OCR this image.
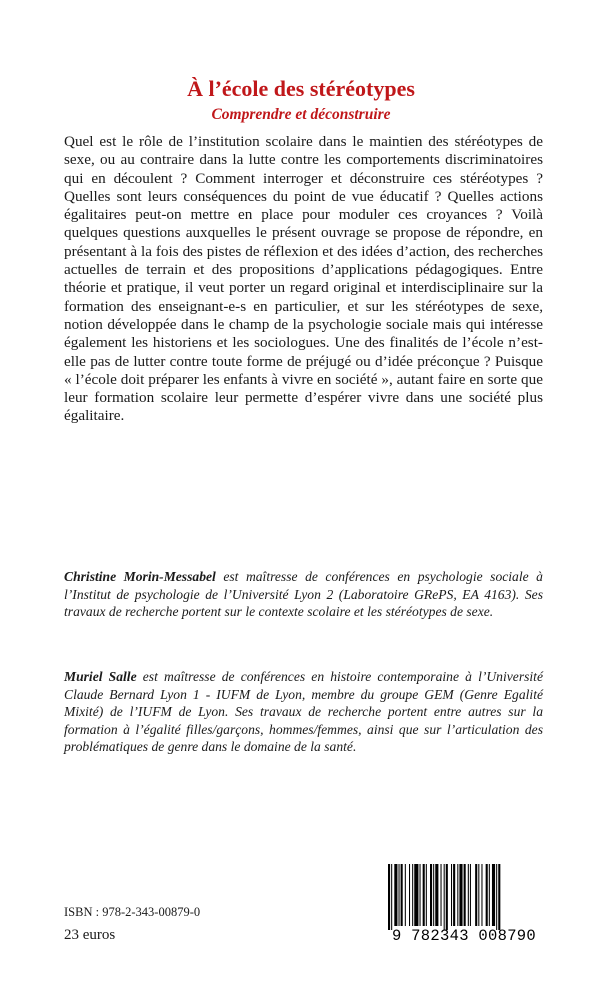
À l’école des stéréotypes
Comprendre et déconstruire

Quel est le rôle de l’institution scolaire dans le maintien des stéréotypes de sexe, ou au contraire dans la lutte contre les comportements discriminatoires qui en découlent ? Comment interroger et déconstruire ces stéréotypes ? Quelles sont leurs conséquences du point de vue éducatif ? Quelles actions égalitaires peut-on mettre en place pour moduler ces croyances ? Voilà quelques questions auxquelles le présent ouvrage se propose de répondre, en présentant à la fois des pistes de réflexion et des idées d’action, des recherches actuelles de terrain et des propositions d’applications pédagogiques. Entre théorie et pratique, il veut porter un regard original et interdisciplinaire sur la formation des enseignant-e-s en particulier, et sur les stéréotypes de sexe, notion développée dans le champ de la psychologie sociale mais qui intéresse également les historiens et les sociologues. Une des finalités de l’école n’est-elle pas de lutter contre toute forme de préjugé ou d’idée préconçue ? Puisque « l’école doit préparer les enfants à vivre en société », autant faire en sorte que leur formation scolaire leur permette d’espérer vivre dans une société plus égalitaire.

Christine Morin-Messabel est maîtresse de conférences en psychologie sociale à l’Institut de psychologie de l’Université Lyon 2 (Laboratoire GRePS, EA 4163). Ses travaux de recherche portent sur le contexte scolaire et les stéréotypes de sexe.

Muriel Salle est maîtresse de conférences en histoire contemporaine à l’Université Claude Bernard Lyon 1 - IUFM de Lyon, membre du groupe GEM (Genre Egalité Mixité) de l’IUFM de Lyon. Ses travaux de recherche portent entre autres sur la formation à l’égalité filles/garçons, hommes/femmes, ainsi que sur l’articulation des problématiques de genre dans le domaine de la santé.

ISBN : 978-2-343-00879-0

23 euros	9 782343 008790
